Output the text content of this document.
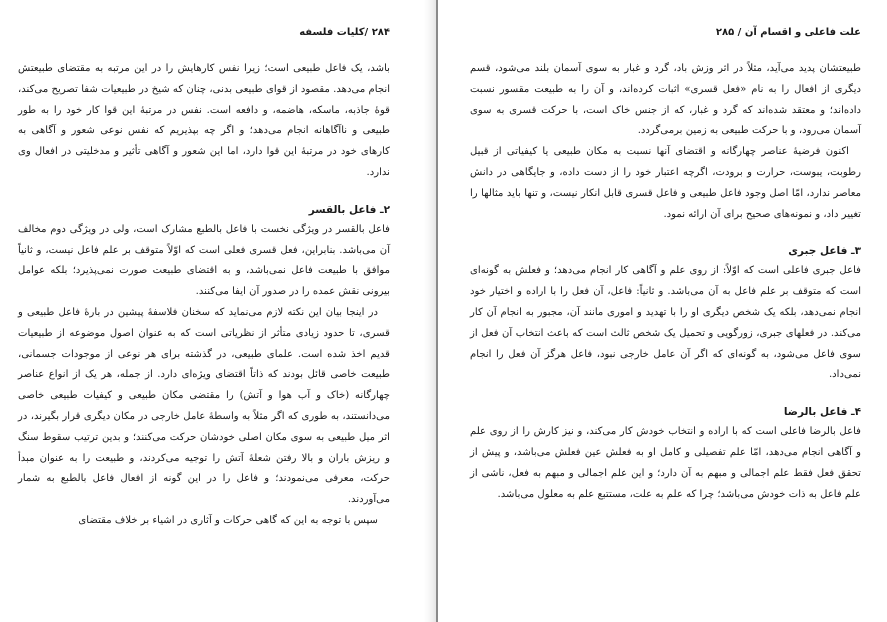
۲۸۴ /کلیات فلسفه

باشد، یک فاعل طبیعی است؛ زیرا نفس کارهایش را در این مرتبه به مقتضای طبیعتش انجام می‌دهد. مقصود از قوای طبیعی بدنی، چنان که شیخ در طبیعیات شفا تصریح می‌کند، قوهٔ جاذبه، ماسکه، هاضمه، و دافعه است. نفس در مرتبهٔ این قوا کار خود را به طور طبیعی و ناآگاهانه انجام می‌دهد؛ و اگر چه بپذیریم که نفس نوعی شعور و آگاهی به کارهای خود در مرتبهٔ این قوا دارد، اما این شعور و آگاهی تأثیر و مدخلیتی در افعال وی ندارد.

۲ـ فاعل بالقسر

فاعل بالقسر در ویژگی نخست با فاعل بالطبع مشارک است، ولی در ویژگی دوم مخالف آن می‌باشد. بنابراین، فعل قسری فعلی است که اوّلاً متوقف بر علم فاعل نیست، و ثانیاً موافق با طبیعت فاعل نمی‌باشد، و به اقتضای طبیعت صورت نمی‌پذیرد؛ بلکه عوامل بیرونی نقش عمده را در صدور آن ایفا می‌کنند.

در اینجا بیان این نکته لازم می‌نماید که سخنان فلاسفهٔ پیشین در بارهٔ فاعل طبیعی و قسری، تا حدود زیادی متأثر از نظریاتی است که به عنوان اصول موضوعه از طبیعیات قدیم اخذ شده است. علمای طبیعی، در گذشته برای هر نوعی از موجودات جسمانی، طبیعت خاصی قائل بودند که ذاتاً اقتضای ویژه‌ای دارد. از جمله، هر یک از انواع عناصر چهارگانه (خاک و آب هوا و آتش) را مقتضی مکان طبیعی و کیفیات طبیعی خاصی می‌دانستند، به طوری که اگر مثلاً به واسطهٔ عامل خارجی در مکان دیگری قرار بگیرند، در اثر میل طبیعی به سوی مکان اصلی خودشان حرکت می‌کنند؛ و بدین ترتیب سقوط سنگ و ریزش باران و بالا رفتن شعلهٔ آتش را توجیه می‌کردند، و طبیعت را به عنوان مبدأ حرکت، معرفی می‌نمودند؛ و فاعل را در این گونه از افعال فاعل بالطبع به شمار می‌آوردند.

سپس با توجه به این که گاهی حرکات و آثاری در اشیاء بر خلاف مقتضای

علت فاعلی و اقسام آن / ۲۸۵

طبیعتشان پدید می‌آید، مثلاً در اثر وزش باد، گرد و غبار به سوی آسمان بلند می‌شود، قسم دیگری از افعال را به نام «فعل قسری» اثبات کرده‌اند، و آن را به طبیعت مقسور نسبت داده‌اند؛ و معتقد شده‌اند که گرد و غبار، که از جنس خاک است، با حرکت قسری به سوی آسمان می‌رود، و با حرکت طبیعی به زمین برمی‌گردد.

اکنون فرضیهٔ عناصر چهارگانه و اقتضای آنها نسبت به مکان طبیعی یا کیفیاتی از قبیل رطوبت، یبوست، حرارت و برودت، اگرچه اعتبار خود را از دست داده، و جایگاهی در دانش معاصر ندارد، امّا اصل وجود فاعل طبیعی و فاعل قسری قابل انکار نیست، و تنها باید مثالها را تغییر داد، و نمونه‌های صحیح برای آن ارائه نمود.

۳ـ فاعل جبری

فاعل جبری فاعلی است که اوّلاً: از روی علم و آگاهی کار انجام می‌دهد؛ و فعلش به گونه‌ای است که متوقف بر علم فاعل به آن می‌باشد. و ثانیاً: فاعل، آن فعل را با اراده و اختیار خود انجام نمی‌دهد، بلکه یک شخص دیگری او را با تهدید و اموری مانند آن، مجبور به انجام آن کار می‌کند. در فعلهای جبری، زورگویی و تحمیل یک شخص ثالث است که باعث انتخاب آن فعل از سوی فاعل می‌شود، به گونه‌ای که اگر آن عامل خارجی نبود، فاعل هرگز آن فعل را انجام نمی‌داد.

۴ـ فاعل بالرضا

فاعل بالرضا فاعلی است که با اراده و انتخاب خودش کار می‌کند، و نیز کارش را از روی علم و آگاهی انجام می‌دهد، امّا علم تفصیلی و کامل او به فعلش عین فعلش می‌باشد، و پیش از تحقق فعل فقط علم اجمالی و مبهم به آن دارد؛ و این علم اجمالی و مبهم به فعل، ناشی از علم فاعل به ذات خودش می‌باشد؛ چرا که علم به علت، مستتبع علم به معلول می‌باشد.
